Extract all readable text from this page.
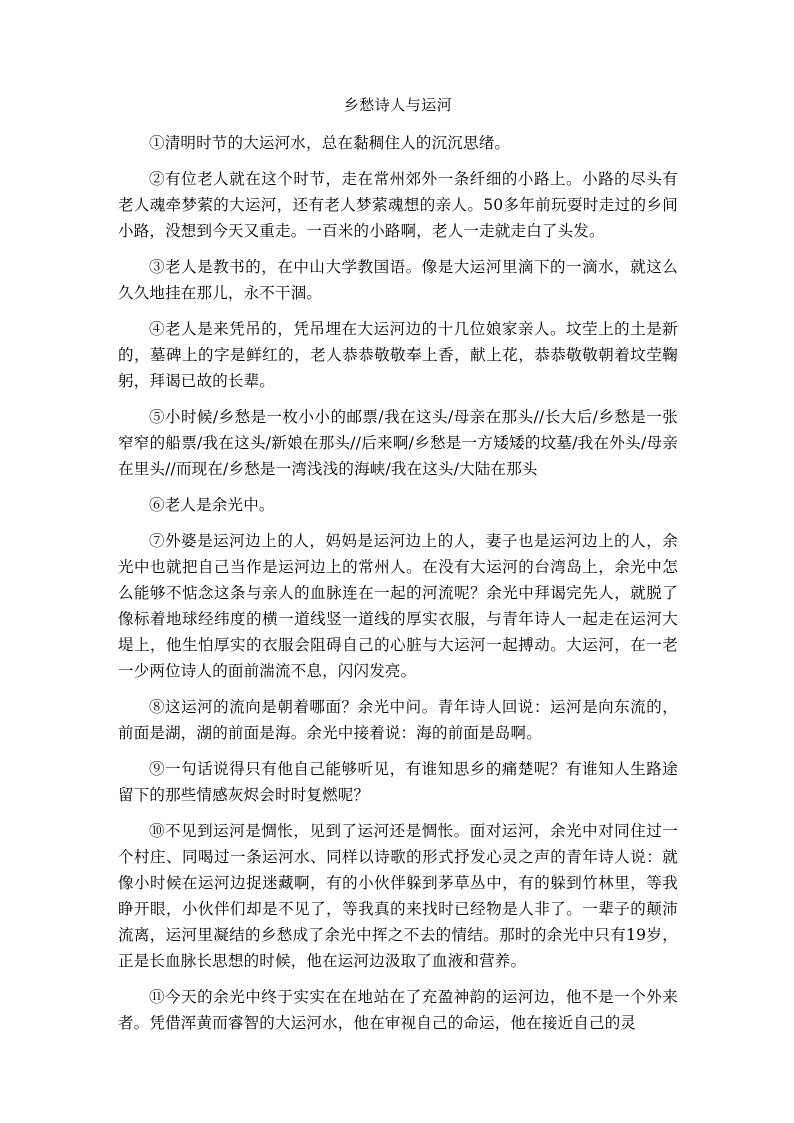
乡愁诗人与运河

①清明时节的大运河水，总在黏稠住人的沉沉思绪。

②有位老人就在这个时节，走在常州郊外一条纤细的小路上。小路的尽头有老人魂牵梦萦的大运河，还有老人梦萦魂想的亲人。50多年前玩耍时走过的乡间小路，没想到今天又重走。一百米的小路啊，老人一走就走白了头发。

③老人是教书的，在中山大学教国语。像是大运河里滴下的一滴水，就这么久久地挂在那儿，永不干涸。

④老人是来凭吊的，凭吊埋在大运河边的十几位娘家亲人。坟茔上的土是新的，墓碑上的字是鲜红的，老人恭恭敬敬奉上香，献上花，恭恭敬敬朝着坟茔鞠躬，拜谒已故的长辈。

⑤小时候/乡愁是一枚小小的邮票/我在这头/母亲在那头//长大后/乡愁是一张窄窄的船票/我在这头/新娘在那头//后来啊/乡愁是一方矮矮的坟墓/我在外头/母亲在里头//而现在/乡愁是一湾浅浅的海峡/我在这头/大陆在那头

⑥老人是余光中。

⑦外婆是运河边上的人，妈妈是运河边上的人，妻子也是运河边上的人，余光中也就把自己当作是运河边上的常州人。在没有大运河的台湾岛上，余光中怎么能够不惦念这条与亲人的血脉连在一起的河流呢？余光中拜谒完先人，就脱了像标着地球经纬度的横一道线竖一道线的厚实衣服，与青年诗人一起走在运河大堤上，他生怕厚实的衣服会阻碍自己的心脏与大运河一起搏动。大运河，在一老一少两位诗人的面前湍流不息，闪闪发亮。

⑧这运河的流向是朝着哪面？余光中问。青年诗人回说：运河是向东流的，前面是湖，湖的前面是海。余光中接着说：海的前面是岛啊。

⑨一句话说得只有他自己能够听见，有谁知思乡的痛楚呢？有谁知人生路途留下的那些情感灰烬会时时复燃呢？

⑩不见到运河是惆怅，见到了运河还是惆怅。面对运河，余光中对同住过一个村庄、同喝过一条运河水、同样以诗歌的形式抒发心灵之声的青年诗人说：就像小时候在运河边捉迷藏啊，有的小伙伴躲到茅草丛中，有的躲到竹林里，等我睁开眼，小伙伴们却是不见了，等我真的来找时已经物是人非了。一辈子的颠沛流离，运河里凝结的乡愁成了余光中挥之不去的情结。那时的余光中只有19岁，正是长血脉长思想的时候，他在运河边汲取了血液和营养。

⑪今天的余光中终于实实在在地站在了充盈神韵的运河边，他不是一个外来者。凭借浑黄而睿智的大运河水，他在审视自己的命运，他在接近自己的灵
